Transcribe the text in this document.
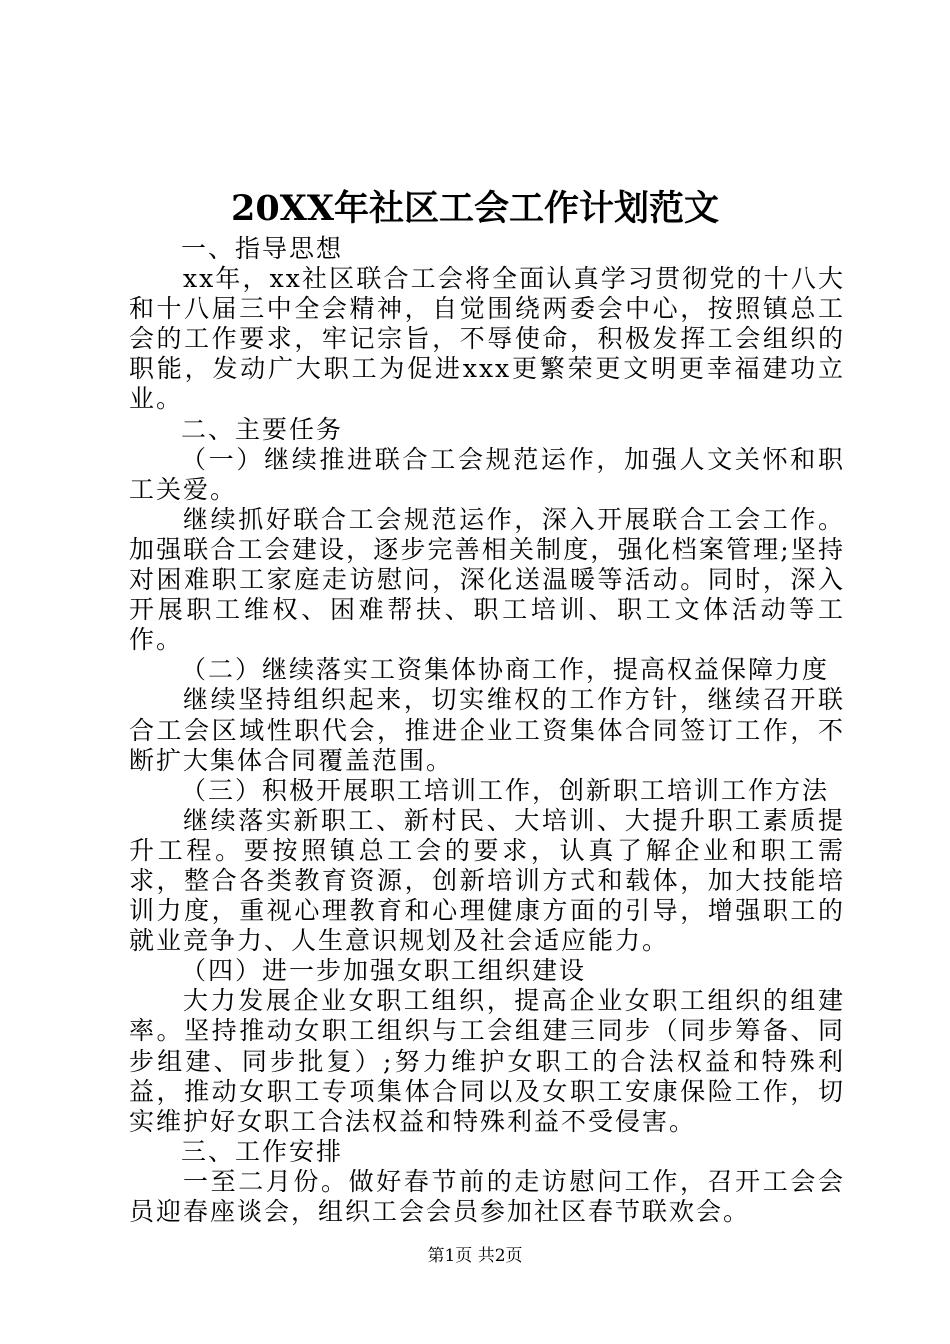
20XX年社区工会工作计划范文

一、指导思想

xx年，xx社区联合工会将全面认真学习贯彻党的十八大和十八届三中全会精神，自觉围绕两委会中心，按照镇总工会的工作要求，牢记宗旨，不辱使命，积极发挥工会组织的职能，发动广大职工为促进xxx更繁荣更文明更幸福建功立业。

二、主要任务

（一）继续推进联合工会规范运作，加强人文关怀和职工关爱。

继续抓好联合工会规范运作，深入开展联合工会工作。加强联合工会建设，逐步完善相关制度，强化档案管理;坚持对困难职工家庭走访慰问，深化送温暖等活动。同时，深入开展职工维权、困难帮扶、职工培训、职工文体活动等工作。

（二）继续落实工资集体协商工作，提高权益保障力度

继续坚持组织起来，切实维权的工作方针，继续召开联合工会区域性职代会，推进企业工资集体合同签订工作，不断扩大集体合同覆盖范围。

（三）积极开展职工培训工作，创新职工培训工作方法

继续落实新职工、新村民、大培训、大提升职工素质提升工程。要按照镇总工会的要求，认真了解企业和职工需求，整合各类教育资源，创新培训方式和载体，加大技能培训力度，重视心理教育和心理健康方面的引导，增强职工的就业竞争力、人生意识规划及社会适应能力。

（四）进一步加强女职工组织建设

大力发展企业女职工组织，提高企业女职工组织的组建率。坚持推动女职工组织与工会组建三同步（同步筹备、同步组建、同步批复）;努力维护女职工的合法权益和特殊利益，推动女职工专项集体合同以及女职工安康保险工作，切实维护好女职工合法权益和特殊利益不受侵害。

三、工作安排

一至二月份。做好春节前的走访慰问工作，召开工会会员迎春座谈会，组织工会会员参加社区春节联欢会。

第1页 共2页
